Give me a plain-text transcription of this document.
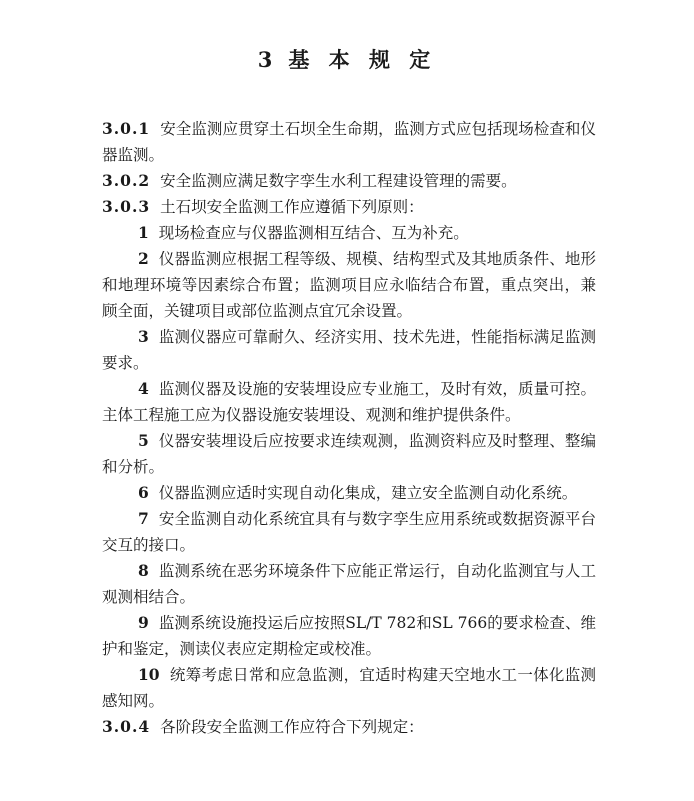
3 基 本 规 定

3.0.1 安全监测应贯穿土石坝全生命期，监测方式应包括现场检查和仪器监测。

3.0.2 安全监测应满足数字孪生水利工程建设管理的需要。

3.0.3 土石坝安全监测工作应遵循下列原则：

1 现场检查应与仪器监测相互结合、互为补充。

2 仪器监测应根据工程等级、规模、结构型式及其地质条件、地形和地理环境等因素综合布置；监测项目应永临结合布置，重点突出，兼顾全面，关键项目或部位监测点宜冗余设置。

3 监测仪器应可靠耐久、经济实用、技术先进，性能指标满足监测要求。

4 监测仪器及设施的安装埋设应专业施工，及时有效，质量可控。主体工程施工应为仪器设施安装埋设、观测和维护提供条件。

5 仪器安装埋设后应按要求连续观测，监测资料应及时整理、整编和分析。

6 仪器监测应适时实现自动化集成，建立安全监测自动化系统。

7 安全监测自动化系统宜具有与数字孪生应用系统或数据资源平台交互的接口。

8 监测系统在恶劣环境条件下应能正常运行，自动化监测宜与人工观测相结合。

9 监测系统设施投运后应按照SL/T 782和SL 766的要求检查、维护和鉴定，测读仪表应定期检定或校准。

10 统筹考虑日常和应急监测，宜适时构建天空地水工一体化监测感知网。

3.0.4 各阶段安全监测工作应符合下列规定：
